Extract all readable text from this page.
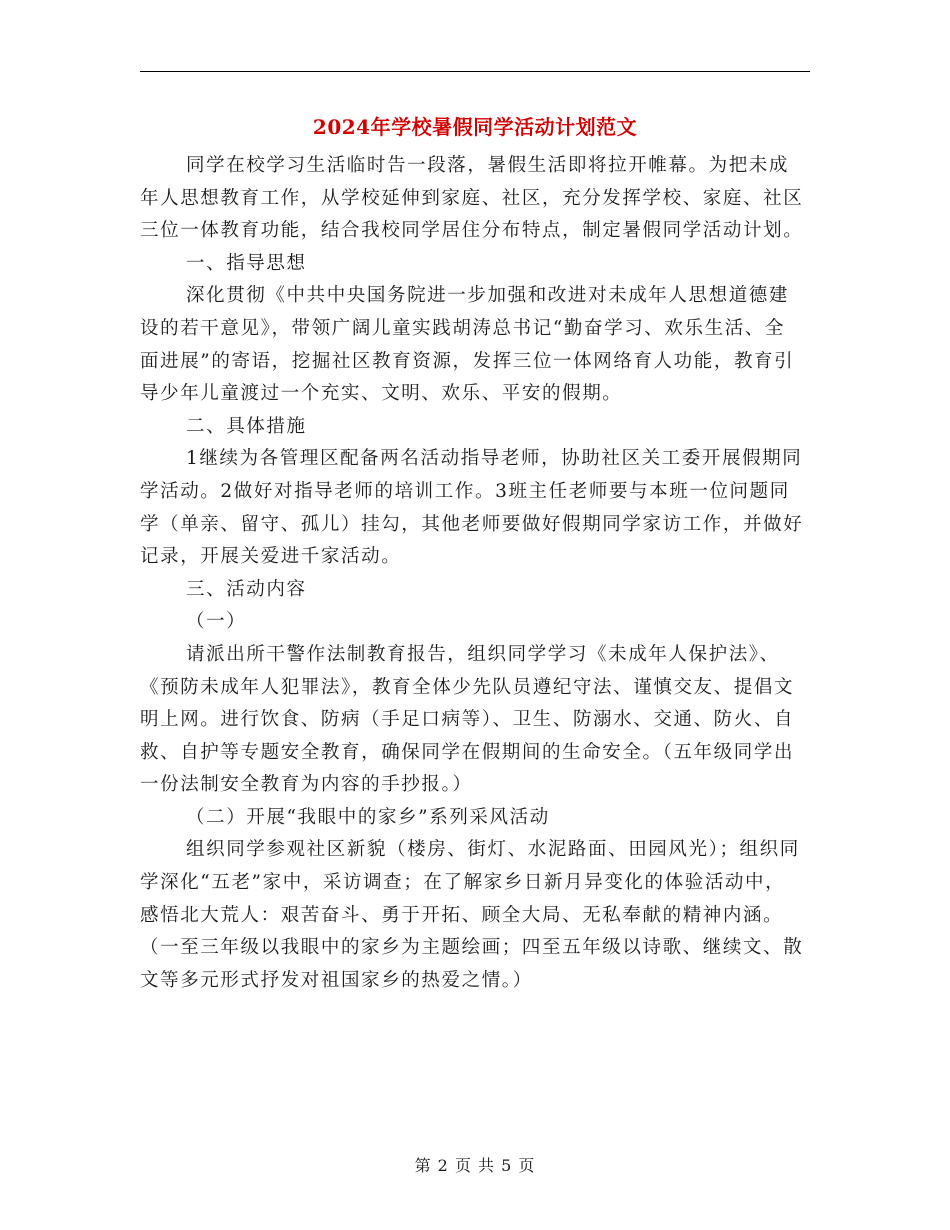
2024年学校暑假同学活动计划范文

同学在校学习生活临时告一段落，暑假生活即将拉开帷幕。为把未成年人思想教育工作，从学校延伸到家庭、社区，充分发挥学校、家庭、社区三位一体教育功能，结合我校同学居住分布特点，制定暑假同学活动计划。

一、指导思想

深化贯彻《中共中央国务院进一步加强和改进对未成年人思想道德建设的若干意见》，带领广阔儿童实践胡涛总书记“勤奋学习、欢乐生活、全面进展”的寄语，挖掘社区教育资源，发挥三位一体网络育人功能，教育引导少年儿童渡过一个充实、文明、欢乐、平安的假期。

二、具体措施

1继续为各管理区配备两名活动指导老师，协助社区关工委开展假期同学活动。2做好对指导老师的培训工作。3班主任老师要与本班一位问题同学（单亲、留守、孤儿）挂勾，其他老师要做好假期同学家访工作，并做好记录，开展关爱进千家活动。

三、活动内容

（一）

请派出所干警作法制教育报告，组织同学学习《未成年人保护法》、《预防未成年人犯罪法》，教育全体少先队员遵纪守法、谨慎交友、提倡文明上网。进行饮食、防病（手足口病等）、卫生、防溺水、交通、防火、自救、自护等专题安全教育，确保同学在假期间的生命安全。（五年级同学出一份法制安全教育为内容的手抄报。）

（二）开展“我眼中的家乡”系列采风活动

组织同学参观社区新貌（楼房、街灯、水泥路面、田园风光）；组织同学深化“五老”家中，采访调查；在了解家乡日新月异变化的体验活动中，感悟北大荒人：艰苦奋斗、勇于开拓、顾全大局、无私奉献的精神内涵。（一至三年级以我眼中的家乡为主题绘画；四至五年级以诗歌、继续文、散文等多元形式抒发对祖国家乡的热爱之情。）

第 2 页 共 5 页
